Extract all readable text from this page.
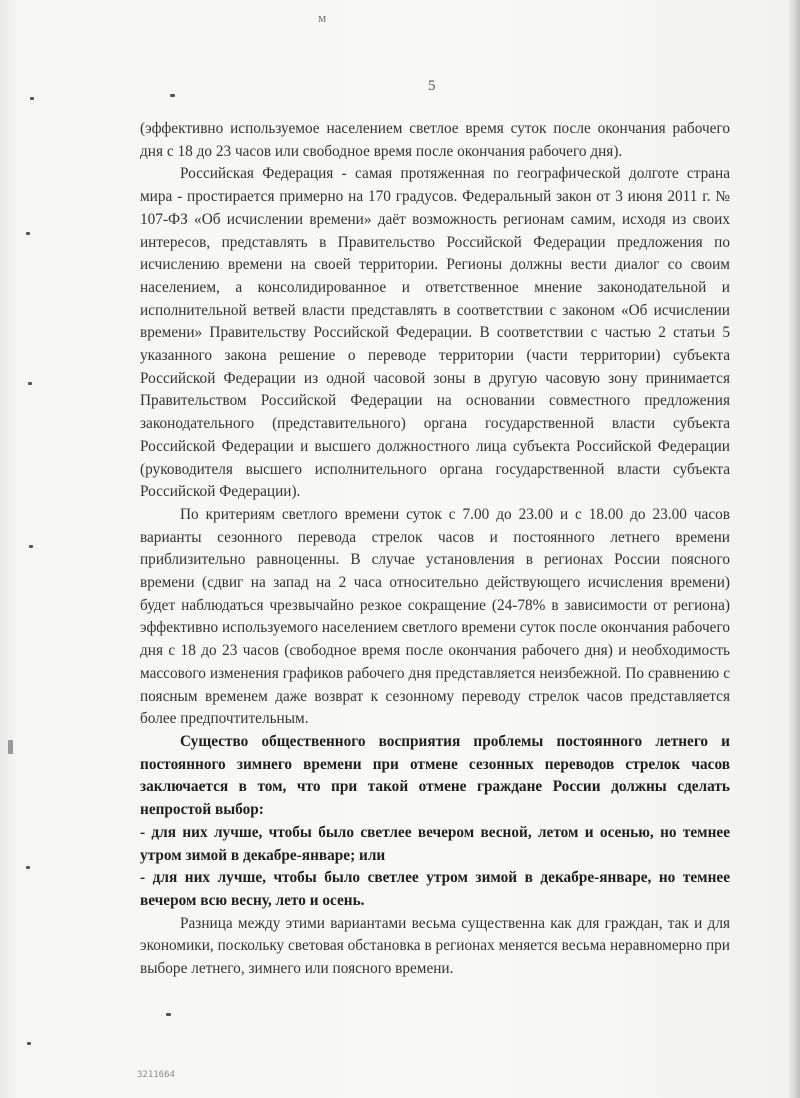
м
5

(эффективно используемое населением светлое время суток после окончания рабочего дня с 18 до 23 часов или свободное время после окончания рабочего дня).

Российская Федерация - самая протяженная по географической долготе страна мира - простирается примерно на 170 градусов. Федеральный закон от 3 июня 2011 г. № 107-ФЗ «Об исчислении времени» даёт возможность регионам самим, исходя из своих интересов, представлять в Правительство Российской Федерации предложения по исчислению времени на своей территории. Регионы должны вести диалог со своим населением, а консолидированное и ответственное мнение законодательной и исполнительной ветвей власти представлять в соответствии с законом «Об исчислении времени» Правительству Российской Федерации. В соответствии с частью 2 статьи 5 указанного закона решение о переводе территории (части территории) субъекта Российской Федерации из одной часовой зоны в другую часовую зону принимается Правительством Российской Федерации на основании совместного предложения законодательного (представительного) органа государственной власти субъекта Российской Федерации и высшего должностного лица субъекта Российской Федерации (руководителя высшего исполнительного органа государственной власти субъекта Российской Федерации).

По критериям светлого времени суток с 7.00 до 23.00 и с 18.00 до 23.00 часов варианты сезонного перевода стрелок часов и постоянного летнего времени приблизительно равноценны. В случае установления в регионах России поясного времени (сдвиг на запад на 2 часа относительно действующего исчисления времени) будет наблюдаться чрезвычайно резкое сокращение (24-78% в зависимости от региона) эффективно используемого населением светлого времени суток после окончания рабочего дня с 18 до 23 часов (свободное время после окончания рабочего дня) и необходимость массового изменения графиков рабочего дня представляется неизбежной. По сравнению с поясным временем даже возврат к сезонному переводу стрелок часов представляется более предпочтительным.

Существо общественного восприятия проблемы постоянного летнего и постоянного зимнего времени при отмене сезонных переводов стрелок часов заключается в том, что при такой отмене граждане России должны сделать непростой выбор:

- для них лучше, чтобы было светлее вечером весной, летом и осенью, но темнее утром зимой в декабре-январе; или

- для них лучше, чтобы было светлее утром зимой в декабре-январе, но темнее вечером всю весну, лето и осень.

Разница между этими вариантами весьма существенна как для граждан, так и для экономики, поскольку световая обстановка в регионах меняется весьма неравномерно при выборе летнего, зимнего или поясного времени.

3211664
